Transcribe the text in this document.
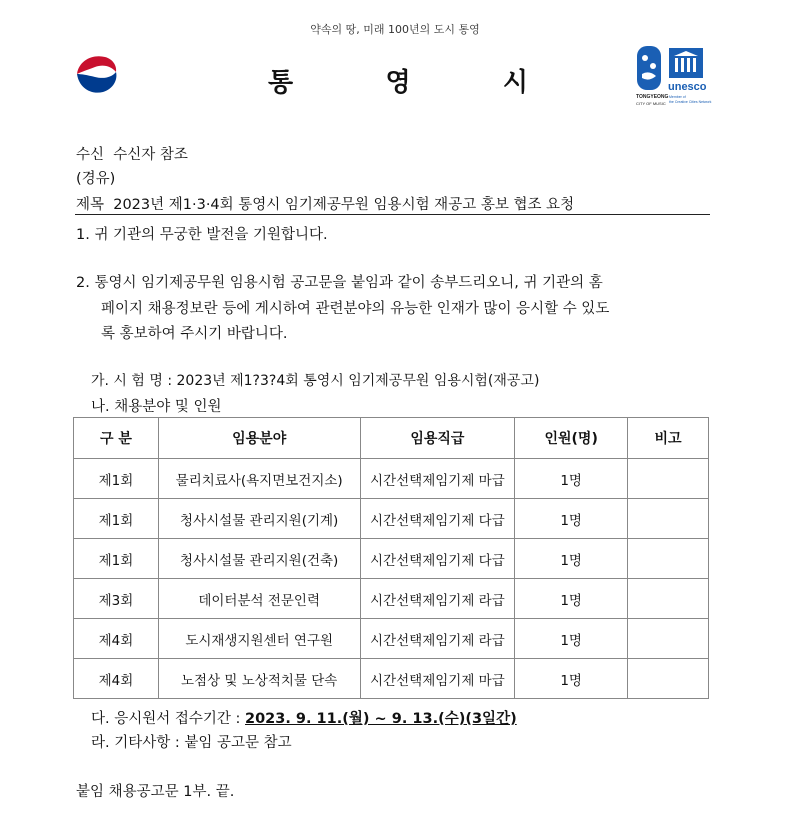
약속의 땅, 미래 100년의 도시 통영
통	영	시	TONGYEONG
CITY OF MUSIC
unesco
Member of
the Creative Cities Network
수신 수신자 참조
(경유)
제목 2023년 제1·3·4회 통영시 임기제공무원 임용시험 재공고 홍보 협조 요청
1. 귀 기관의 무궁한 발전을 기원합니다.
2. 통영시 임기제공무원 임용시험 공고문을 붙임과 같이 송부드리오니, 귀 기관의 홈
페이지 채용정보란 등에 게시하여 관련분야의 유능한 인재가 많이 응시할 수 있도
록 홍보하여 주시기 바랍니다.
가. 시 험 명 : 2023년 제1?3?4회 통영시 임기제공무원 임용시험(재공고)
나. 채용분야 및 인원
구 분	임용분야	임용직급	인원(명)	비고
제1회	물리치료사(욕지면보건지소)	시간선택제임기제 마급	1명	
제1회	청사시설물 관리지원(기계)	시간선택제임기제 다급	1명	
제1회	청사시설물 관리지원(건축)	시간선택제임기제 다급	1명	
제3회	데이터분석 전문인력	시간선택제임기제 라급	1명	
제4회	도시재생지원센터 연구원	시간선택제임기제 라급	1명	
제4회	노점상 및 노상적치물 단속	시간선택제임기제 마급	1명	
다. 응시원서 접수기간 : 2023. 9. 11.(월) ~ 9. 13.(수)(3일간)
라. 기타사항 : 붙임 공고문 참고
붙임 채용공고문 1부. 끝.
